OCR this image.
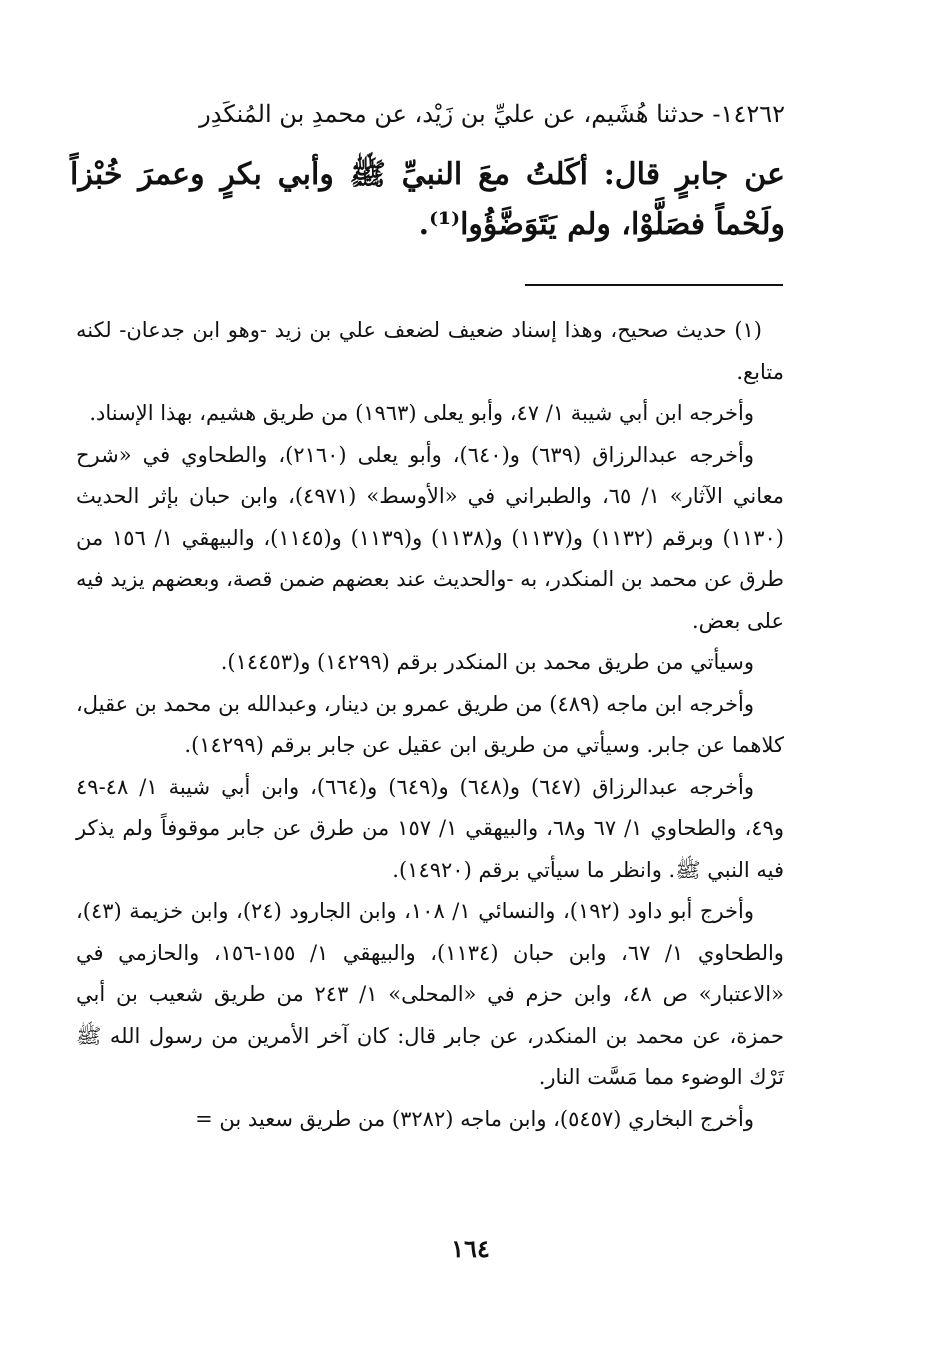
١٤٢٦٢- حدثنا هُشَيم، عن عليِّ بن زَيْد، عن محمدِ بن المُنكَدِر
عن جابرٍ قال: أكَلتُ معَ النبيِّ ﷺ وأبي بكرٍ وعمرَ خُبْزاً ولَحْماً فصَلَّوْا، ولم يَتَوَضَّؤُوا⁽¹⁾.

(١) حديث صحيح، وهذا إسناد ضعيف لضعف علي بن زيد -وهو ابن جدعان- لكنه متابع.

وأخرجه ابن أبي شيبة ١/ ٤٧، وأبو يعلى (١٩٦٣) من طريق هشيم، بهذا الإسناد.

وأخرجه عبدالرزاق (٦٣٩) و(٦٤٠)، وأبو يعلى (٢١٦٠)، والطحاوي في «شرح معاني الآثار» ١/ ٦٥، والطبراني في «الأوسط» (٤٩٧١)، وابن حبان بإثر الحديث (١١٣٠) وبرقم (١١٣٢) و(١١٣٧) و(١١٣٨) و(١١٣٩) و(١١٤٥)، والبيهقي ١/ ١٥٦ من طرق عن محمد بن المنكدر، به -والحديث عند بعضهم ضمن قصة، وبعضهم يزيد فيه على بعض.

وسيأتي من طريق محمد بن المنكدر برقم (١٤٢٩٩) و(١٤٤٥٣).

وأخرجه ابن ماجه (٤٨٩) من طريق عمرو بن دينار، وعبدالله بن محمد بن عقيل، كلاهما عن جابر. وسيأتي من طريق ابن عقيل عن جابر برقم (١٤٢٩٩).

وأخرجه عبدالرزاق (٦٤٧) و(٦٤٨) و(٦٤٩) و(٦٦٤)، وابن أبي شيبة ١/ ٤٨-٤٩ و٤٩، والطحاوي ١/ ٦٧ و٦٨، والبيهقي ١/ ١٥٧ من طرق عن جابر موقوفاً ولم يذكر فيه النبي ﷺ. وانظر ما سيأتي برقم (١٤٩٢٠).

وأخرج أبو داود (١٩٢)، والنسائي ١/ ١٠٨، وابن الجارود (٢٤)، وابن خزيمة (٤٣)، والطحاوي ١/ ٦٧، وابن حبان (١١٣٤)، والبيهقي ١/ ١٥٥-١٥٦، والحازمي في «الاعتبار» ص ٤٨، وابن حزم في «المحلى» ١/ ٢٤٣ من طريق شعيب بن أبي حمزة، عن محمد بن المنكدر، عن جابر قال: كان آخر الأمرين من رسول الله ﷺ تَرْك الوضوء مما مَسَّت النار.

وأخرج البخاري (٥٤٥٧)، وابن ماجه (٣٢٨٢) من طريق سعيد بن =

١٦٤
